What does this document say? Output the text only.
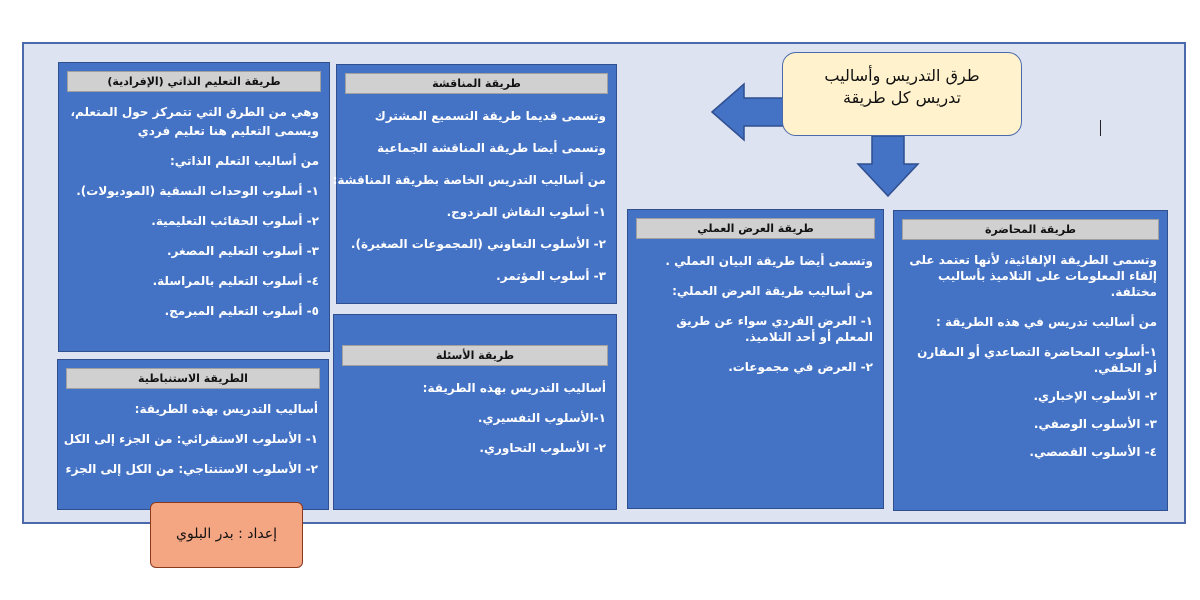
طريقة التعليم الذاتي (الإفرادية)

وهي من الطرق التي تتمركز حول المتعلم،

ويسمى التعليم هنا تعليم فردي

من أساليب التعلم الذاتي:

١- أسلوب الوحدات النسقية (الموديولات).

٢- أسلوب الحقائب التعليمية.

٣- أسلوب التعليم المصغر.

٤- أسلوب التعليم بالمراسلة.

٥- أسلوب التعليم المبرمج.

طريقة المناقشة

وتسمى قديما طريقة التسميع المشترك

وتسمى أيضا طريقة المناقشة الجماعية

من أساليب التدريس الخاصة بطريقة المناقشة:

١- أسلوب النقاش المزدوج.

٢- الأسلوب التعاوني (المجموعات الصغيرة).

٣- أسلوب المؤتمر.

طريقة العرض العملي

وتسمى أيضا طريقة البيان العملي .

من أساليب طريقة العرض العملي:

١- العرض الفردي سواء عن طريق المعلم أو أحد التلاميذ.

٢- العرض في مجموعات.

طريقة المحاضرة

وتسمى الطريقة الإلقائية، لأنها تعتمد على إلقاء المعلومات على التلاميذ بأساليب مختلفة.

من أساليب تدريس في هذه الطريقة :

١-أسلوب المحاضرة التصاعدي أو المقارن أو الحلقي.

٢- الأسلوب الإخباري.

٣- الأسلوب الوصفي.

٤- الأسلوب القصصي.

الطريقة الاستنباطية

أساليب التدريس بهذه الطريقة:

١- الأسلوب الاستقرائي: من الجزء إلى الكل

٢- الأسلوب الاستنتاجي: من الكل إلى الجزء

طريقة الأسئلة

أساليب التدريس بهذه الطريقة:

١-الأسلوب التفسيري.

٢- الأسلوب التحاوري.

طرق التدريس وأساليب
تدريس كل طريقة
إعداد : بدر البلوي
